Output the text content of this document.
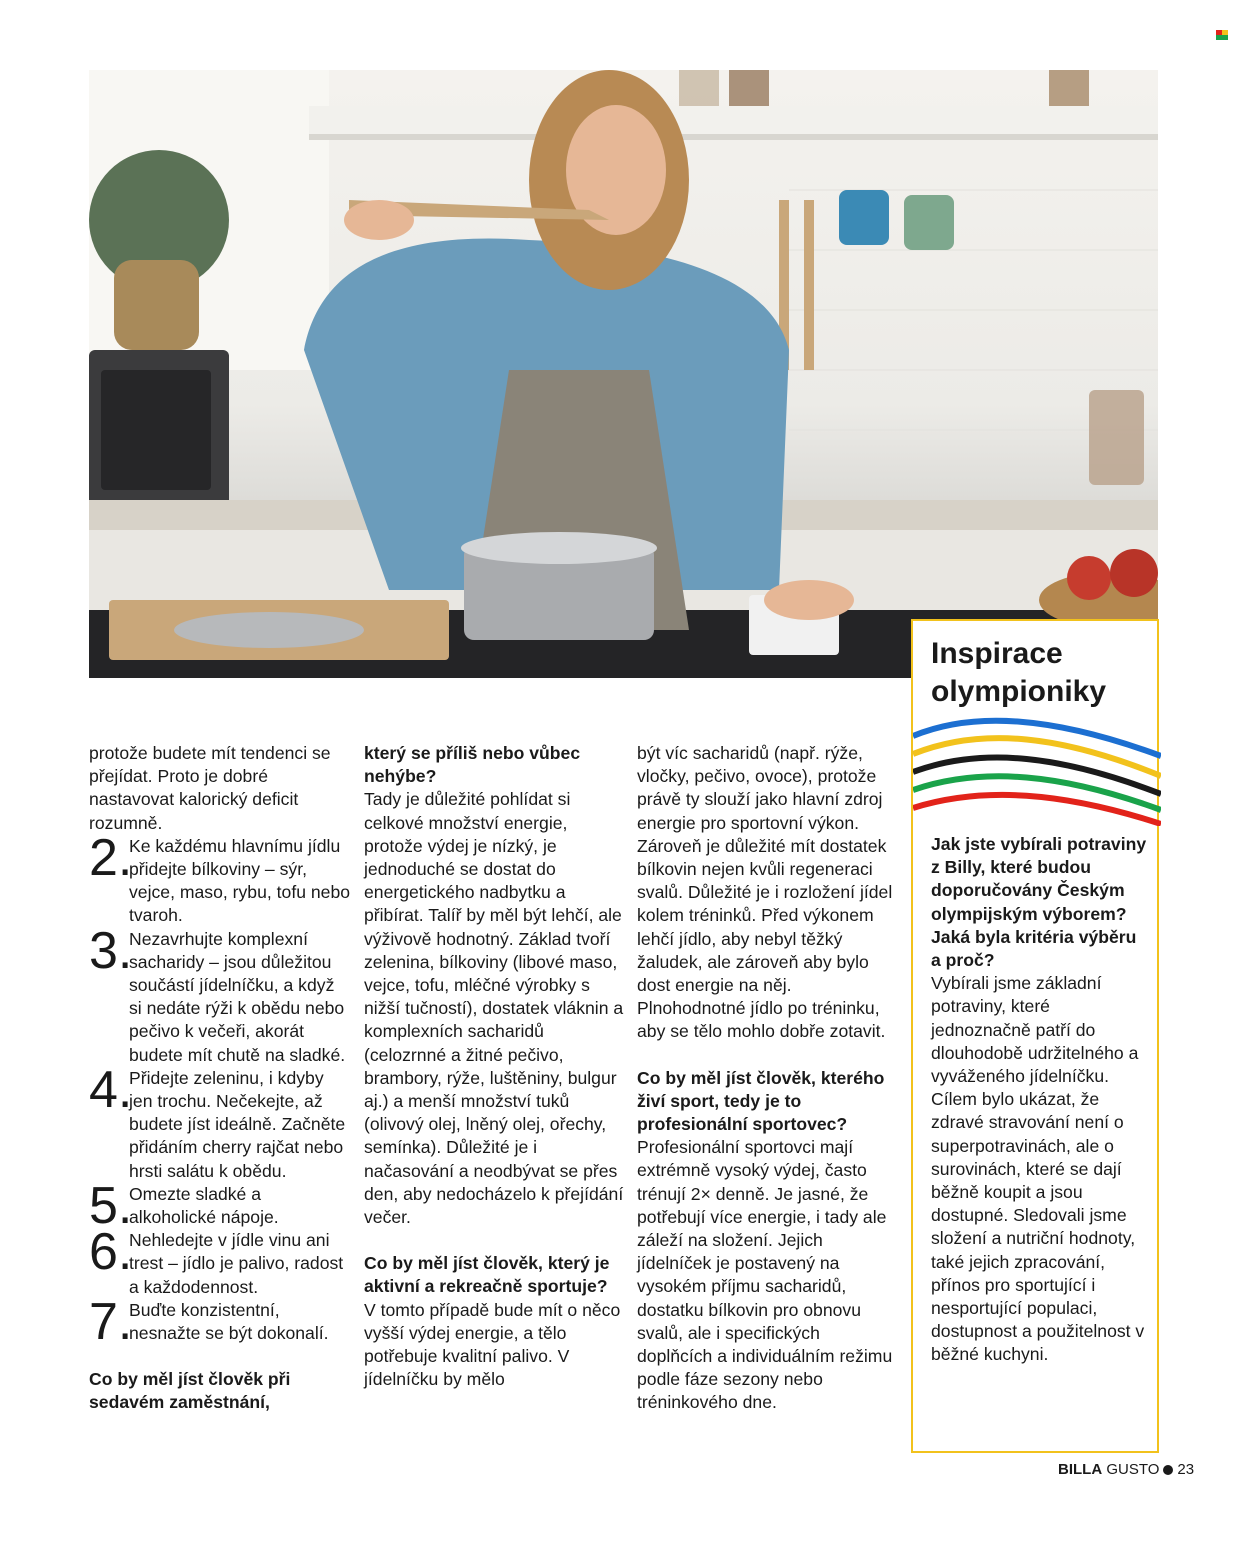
protože budete mít tendenci se přejídat. Proto je dobré nastavovat kalorický deficit rozumně.

2.
Ke každému hlavnímu jídlu přidejte bílkoviny – sýr, vejce, maso, rybu, tofu nebo tvaroh.
3.
Nezavrhujte komplexní sacharidy – jsou důležitou součástí jídelníčku, a když si nedáte rýži k obědu nebo pečivo k večeři, akorát budete mít chutě na sladké.
4.
Přidejte zeleninu, i kdyby jen trochu. Nečekejte, až budete jíst ideálně. Začněte přidáním cherry rajčat nebo hrsti salátu k obědu.
5.
Omezte sladké a alkoholické nápoje.
6.
Nehledejte v jídle vinu ani trest – jídlo je palivo, radost a každodennost.
7.
Buďte konzistentní, nesnažte se být dokonalí.

Co by měl jíst člověk při sedavém zaměstnání,

který se příliš nebo vůbec nehýbe?

Tady je důležité pohlídat si celkové množství energie, protože výdej je nízký, je jednoduché se dostat do energetického nadbytku a přibírat. Talíř by měl být lehčí, ale výživově hodnotný. Základ tvoří zelenina, bílkoviny (libové maso, vejce, tofu, mléčné výrobky s nižší tučností), dostatek vláknin a komplexních sacharidů (celozrnné a žitné pečivo, brambory, rýže, luštěniny, bulgur aj.) a menší množství tuků (olivový olej, lněný olej, ořechy, semínka). Důležité je i načasování a neodbývat se přes den, aby nedocházelo k přejídání večer.

Co by měl jíst člověk, který je aktivní a rekreačně sportuje?

V tomto případě bude mít o něco vyšší výdej energie, a tělo potřebuje kvalitní palivo. V jídelníčku by mělo

být víc sacharidů (např. rýže, vločky, pečivo, ovoce), protože právě ty slouží jako hlavní zdroj energie pro sportovní výkon. Zároveň je důležité mít dostatek bílkovin nejen kvůli regeneraci svalů. Důležité je i rozložení jídel kolem tréninků. Před výkonem lehčí jídlo, aby nebyl těžký žaludek, ale zároveň aby bylo dost energie na něj. Plnohodnotné jídlo po tréninku, aby se tělo mohlo dobře zotavit.

Co by měl jíst člověk, kterého živí sport, tedy je to profesionální sportovec?

Profesionální sportovci mají extrémně vysoký výdej, často trénují 2× denně. Je jasné, že potřebují více energie, i tady ale záleží na složení. Jejich jídelníček je postavený na vysokém příjmu sacharidů, dostatku bílkovin pro obnovu svalů, ale i specifických doplňcích a individuálním režimu podle fáze sezony nebo tréninkového dne.

Inspirace olympioniky

Jak jste vybírali potraviny z Billy, které budou doporučovány Českým olympijským výborem? Jaká byla kritéria výběru a proč?

Vybírali jsme základní potraviny, které jednoznačně patří do dlouhodobě udržitelného a vyváženého jídelníčku. Cílem bylo ukázat, že zdravé stravování není o superpotravinách, ale o surovinách, které se dají běžně koupit a jsou dostupné. Sledovali jsme složení a nutriční hodnoty, také jejich zpracování, přínos pro sportující i nesportující populaci, dostupnost a použitelnost v běžné kuchyni.

BILLA GUSTO 23
